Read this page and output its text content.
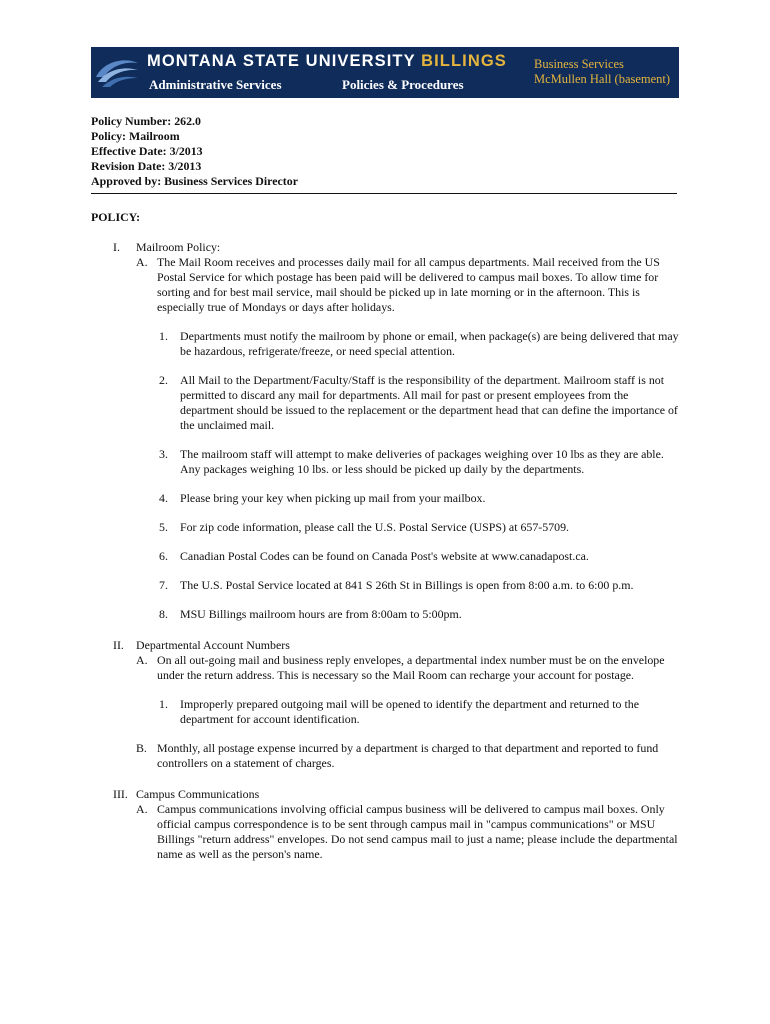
MONTANA STATE UNIVERSITY BILLINGS
Administrative Services	Policies & Procedures
Business Services
McMullen Hall (basement)
Policy Number: 262.0
Policy: Mailroom
Effective Date: 3/2013
Revision Date: 3/2013
Approved by: Business Services Director
POLICY:
I.	Mailroom Policy:

A. The Mail Room receives and processes daily mail for all campus departments. Mail received from the US Postal Service for which postage has been paid will be delivered to campus mail boxes. To allow time for sorting and for best mail service, mail should be picked up in late morning or in the afternoon. This is especially true of Mondays or days after holidays.

1. Departments must notify the mailroom by phone or email, when package(s) are being delivered that may be hazardous, refrigerate/freeze, or need special attention.

2. All Mail to the Department/Faculty/Staff is the responsibility of the department. Mailroom staff is not permitted to discard any mail for departments. All mail for past or present employees from the department should be issued to the replacement or the department head that can define the importance of the unclaimed mail.

3. The mailroom staff will attempt to make deliveries of packages weighing over 10 lbs as they are able. Any packages weighing 10 lbs. or less should be picked up daily by the departments.

4. Please bring your key when picking up mail from your mailbox.

5. For zip code information, please call the U.S. Postal Service (USPS) at 657-5709.

6. Canadian Postal Codes can be found on Canada Post's website at www.canadapost.ca.

7. The U.S. Postal Service located at 841 S 26th St in Billings is open from 8:00 a.m. to 6:00 p.m.

8. MSU Billings mailroom hours are from 8:00am to 5:00pm.

II.	Departmental Account Numbers

A. On all out-going mail and business reply envelopes, a departmental index number must be on the envelope under the return address. This is necessary so the Mail Room can recharge your account for postage.

1. Improperly prepared outgoing mail will be opened to identify the department and returned to the department for account identification.

B. Monthly, all postage expense incurred by a department is charged to that department and reported to fund controllers on a statement of charges.

III. Campus Communications

A. Campus communications involving official campus business will be delivered to campus mail boxes. Only official campus correspondence is to be sent through campus mail in "campus communications" or MSU Billings "return address" envelopes. Do not send campus mail to just a name; please include the departmental name as well as the person's name.
